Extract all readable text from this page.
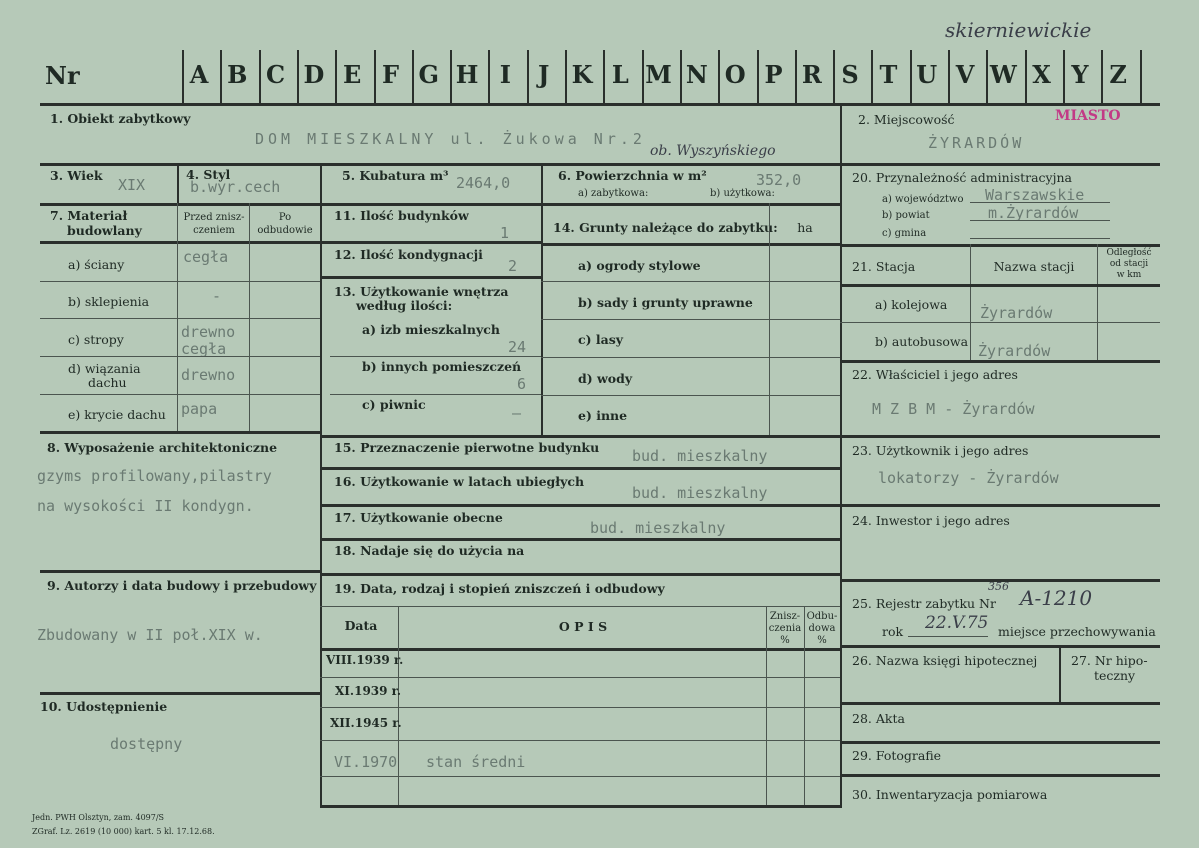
Nr
skierniewickie
A B C D E F G H I	J K L M N O P R S T U V W X Y Z
1. Obiekt zabytkowy
DOM MIESZKALNY ul. Żukowa Nr.2
ob. Wyszyńskiego
3. Wiek
XIX
4. Styl
b.wyr.cech
5. Kubatura m³ 2464,0	6. Powierzchnia w m²
a) zabytkowa:	b) użytkowa:
352,0
7. Materiał
budowlany
Przed znisz-
czeniem
Po
odbudowie
a) ściany	cegła
b) sklepienia	-
c) stropy	drewno
cegła
d) wiązania
dachu	drewno
e) krycie dachu papa
8. Wyposażenie architektoniczne
gzyms profilowany,pilastry
na wysokości II kondygn.
9. Autorzy i data budowy i przebudowy
Zbudowany w II poł.XIX w.
10. Udostępnienie
dostępny
11. Ilość budynków
1
12. Ilość kondygnacji
2
13. Użytkowanie wnętrza
według ilości:
a) izb mieszkalnych
24
b) innych pomieszczeń
6
c) piwnic	–
14. Grunty należące do zabytku:	ha
a) ogrody stylowe
b) sady i grunty uprawne
c) lasy
d) wody
e) inne
15. Przeznaczenie pierwotne budynku bud. mieszkalny
16. Użytkowanie w latach ubiegłych
bud. mieszkalny
17. Użytkowanie obecne
bud. mieszkalny
18. Nadaje się do użycia na
19. Data, rodzaj i stopień zniszczeń i odbudowy
Data	O P I S
Znisz-
czenia
%
Odbu-
dowa
%
VIII.1939 r.
XI.1939 r.
XII.1945 r.
VI.1970 stan średni
2. Miejscowość	MIASTO
ŻYRARDÓW
20. Przynależność administracyjna
a) województwo Warszawskie
b) powiat	m.Żyrardów
c) gmina
21. Stacja	Nazwa stacji
Odległość
od stacji
w km
a) kolejowa Żyrardów
b) autobusowa
Żyrardów
22. Właściciel i jego adres
M Z B M - Żyrardów
23. Użytkownik i jego adres
lokatorzy - Żyrardów
24. Inwestor i jego adres
25. Rejestr zabytku Nr
356 A-1210
rok 22.V.75 miejsce przechowywania
26. Nazwa księgi hipotecznej	27. Nr hipo-
teczny
28. Akta
29. Fotografie
30. Inwentaryzacja pomiarowa
Jedn. PWH Olsztyn, zam. 4097/S
ZGraf. Lz. 2619 (10 000) kart. 5 kl. 17.12.68.
